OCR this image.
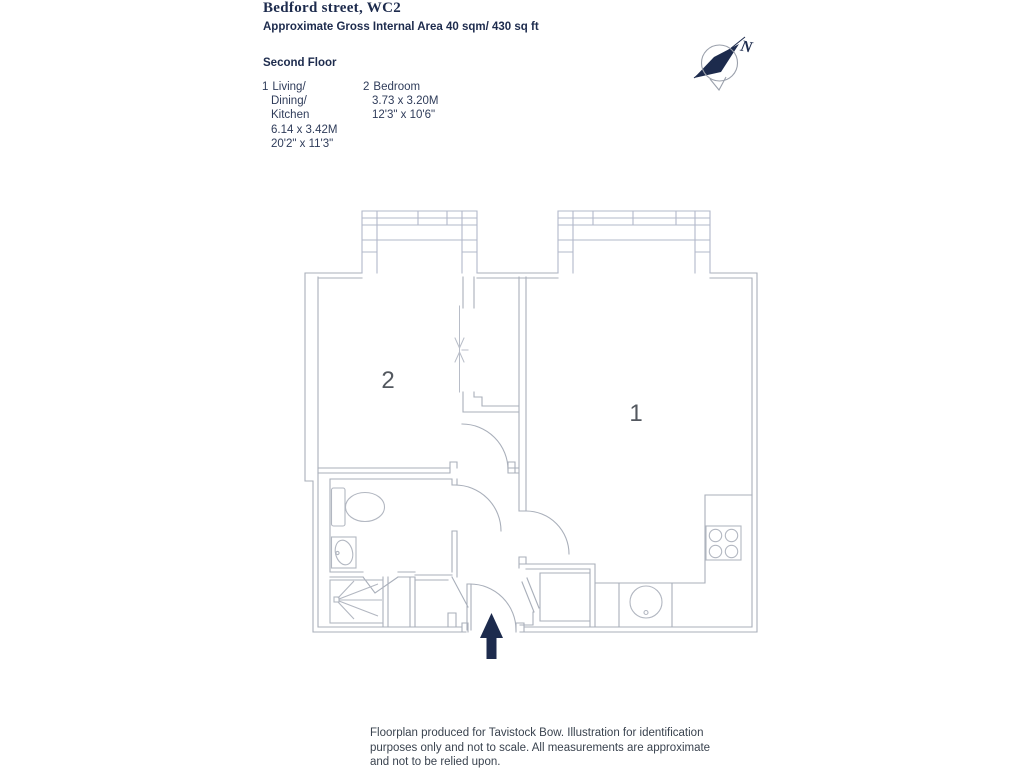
Bedford street, WC2
Approximate Gross Internal Area 40 sqm/ 430 sq ft
Second Floor
1 Living/
Dining/
Kitchen
6.14 x 3.42M
20'2" x 11'3"
2 Bedroom
3.73 x 3.20M
12'3" x 10'6"
N
1
2
Floorplan produced for Tavistock Bow. Illustration for identification
purposes only and not to scale. All measurements are approximate
and not to be relied upon.
